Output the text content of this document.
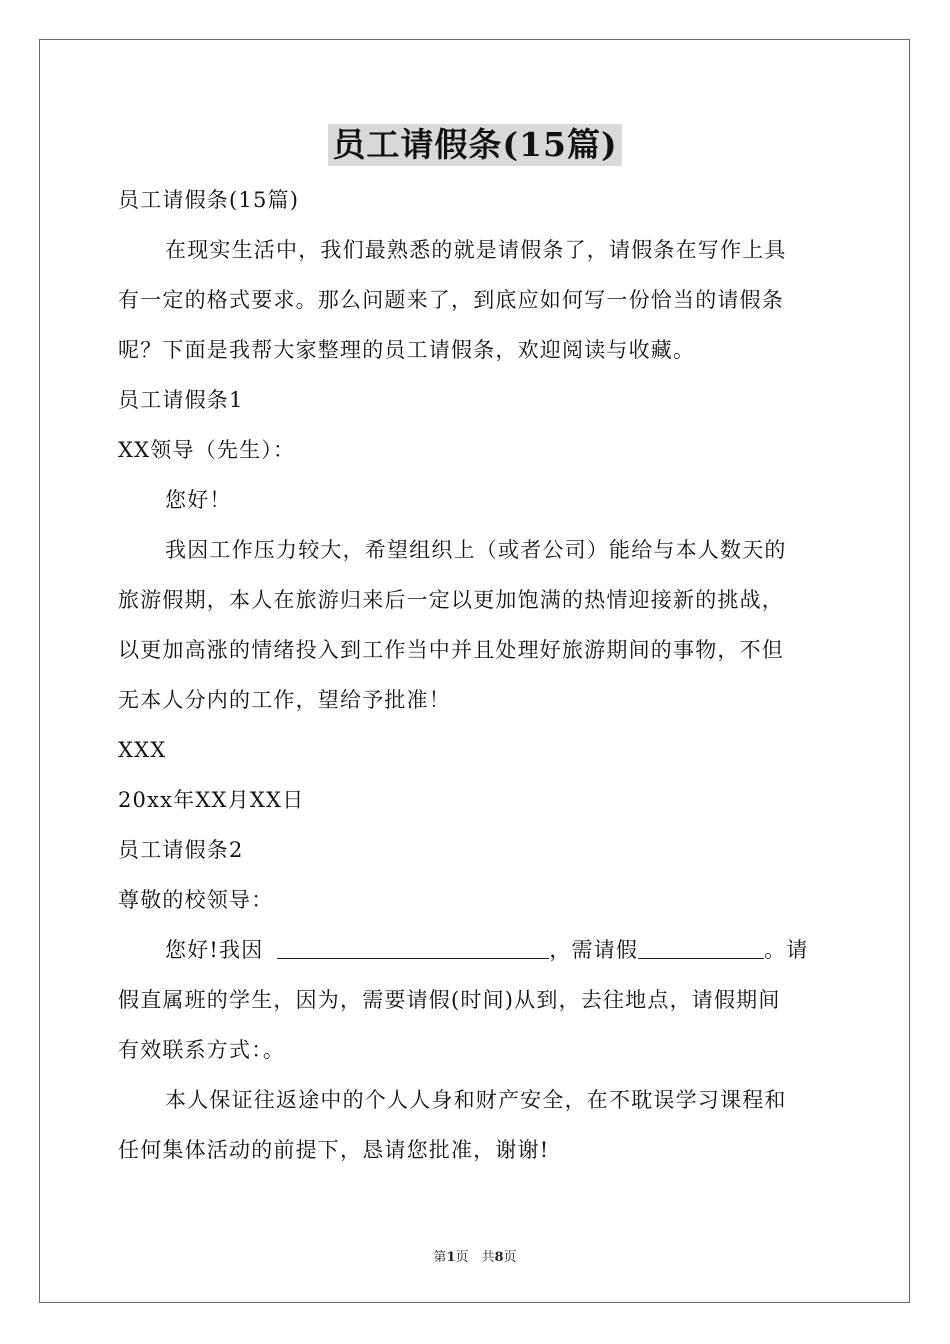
员工请假条(15篇)
员工请假条(15篇)
在现实生活中，我们最熟悉的就是请假条了，请假条在写作上具
有一定的格式要求。那么问题来了，到底应如何写一份恰当的请假条
呢？下面是我帮大家整理的员工请假条，欢迎阅读与收藏。
员工请假条1
XX领导（先生）：
您好！
我因工作压力较大，希望组织上（或者公司）能给与本人数天的
旅游假期，本人在旅游归来后一定以更加饱满的热情迎接新的挑战，
以更加高涨的情绪投入到工作当中并且处理好旅游期间的事物，不但
无本人分内的工作，望给予批准！
XXX
20xx年XX月XX日
员工请假条2
尊敬的校领导：
您好!我因	，需请假	。请
假直属班的学生，因为，需要请假(时间)从到，去往地点，请假期间
有效联系方式：。
本人保证往返途中的个人人身和财产安全，在不耽误学习课程和
任何集体活动的前提下，恳请您批准，谢谢!
第1页　共8页
